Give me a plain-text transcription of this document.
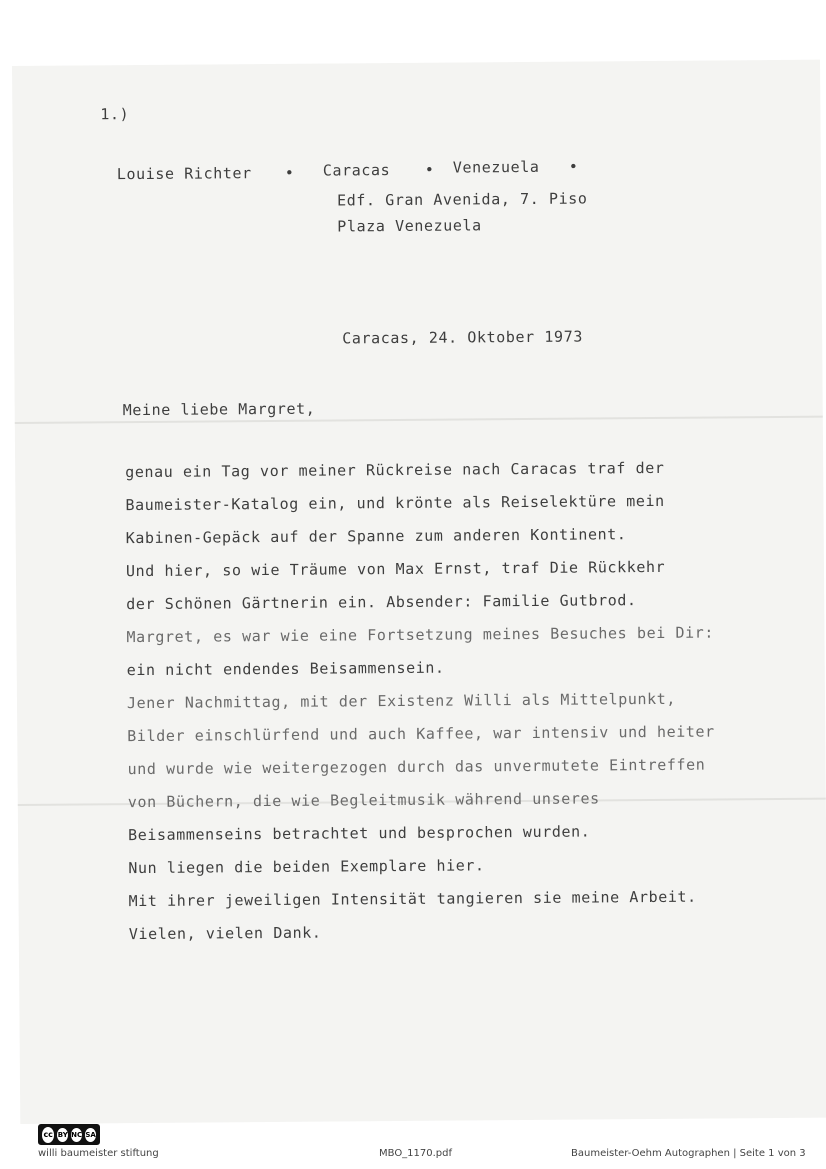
1.)
Louise Richter • Caracas • Venezuela •
Edf. Gran Avenida, 7. Piso
Plaza Venezuela
Caracas, 24. Oktober 1973
Meine liebe Margret,
genau ein Tag vor meiner Rückreise nach Caracas traf der
Baumeister-Katalog ein, und krönte als Reiselektüre mein
Kabinen-Gepäck auf der Spanne zum anderen Kontinent.
Und hier, so wie Träume von Max Ernst, traf Die Rückkehr
der Schönen Gärtnerin ein. Absender: Familie Gutbrod.
Margret, es war wie eine Fortsetzung meines Besuches bei Dir:
ein nicht endendes Beisammensein.
Jener Nachmittag, mit der Existenz Willi als Mittelpunkt,
Bilder einschlürfend und auch Kaffee, war intensiv und heiter
und wurde wie weitergezogen durch das unvermutete Eintreffen
von Büchern, die wie Begleitmusik während unseres
Beisammenseins betrachtet und besprochen wurden.
Nun liegen die beiden Exemplare hier.
Mit ihrer jeweiligen Intensität tangieren sie meine Arbeit.
Vielen, vielen Dank.
cc BY NC SA
willi baumeister stiftung	MBO_1170.pdf	Baumeister-Oehm Autographen | Seite 1 von 3
